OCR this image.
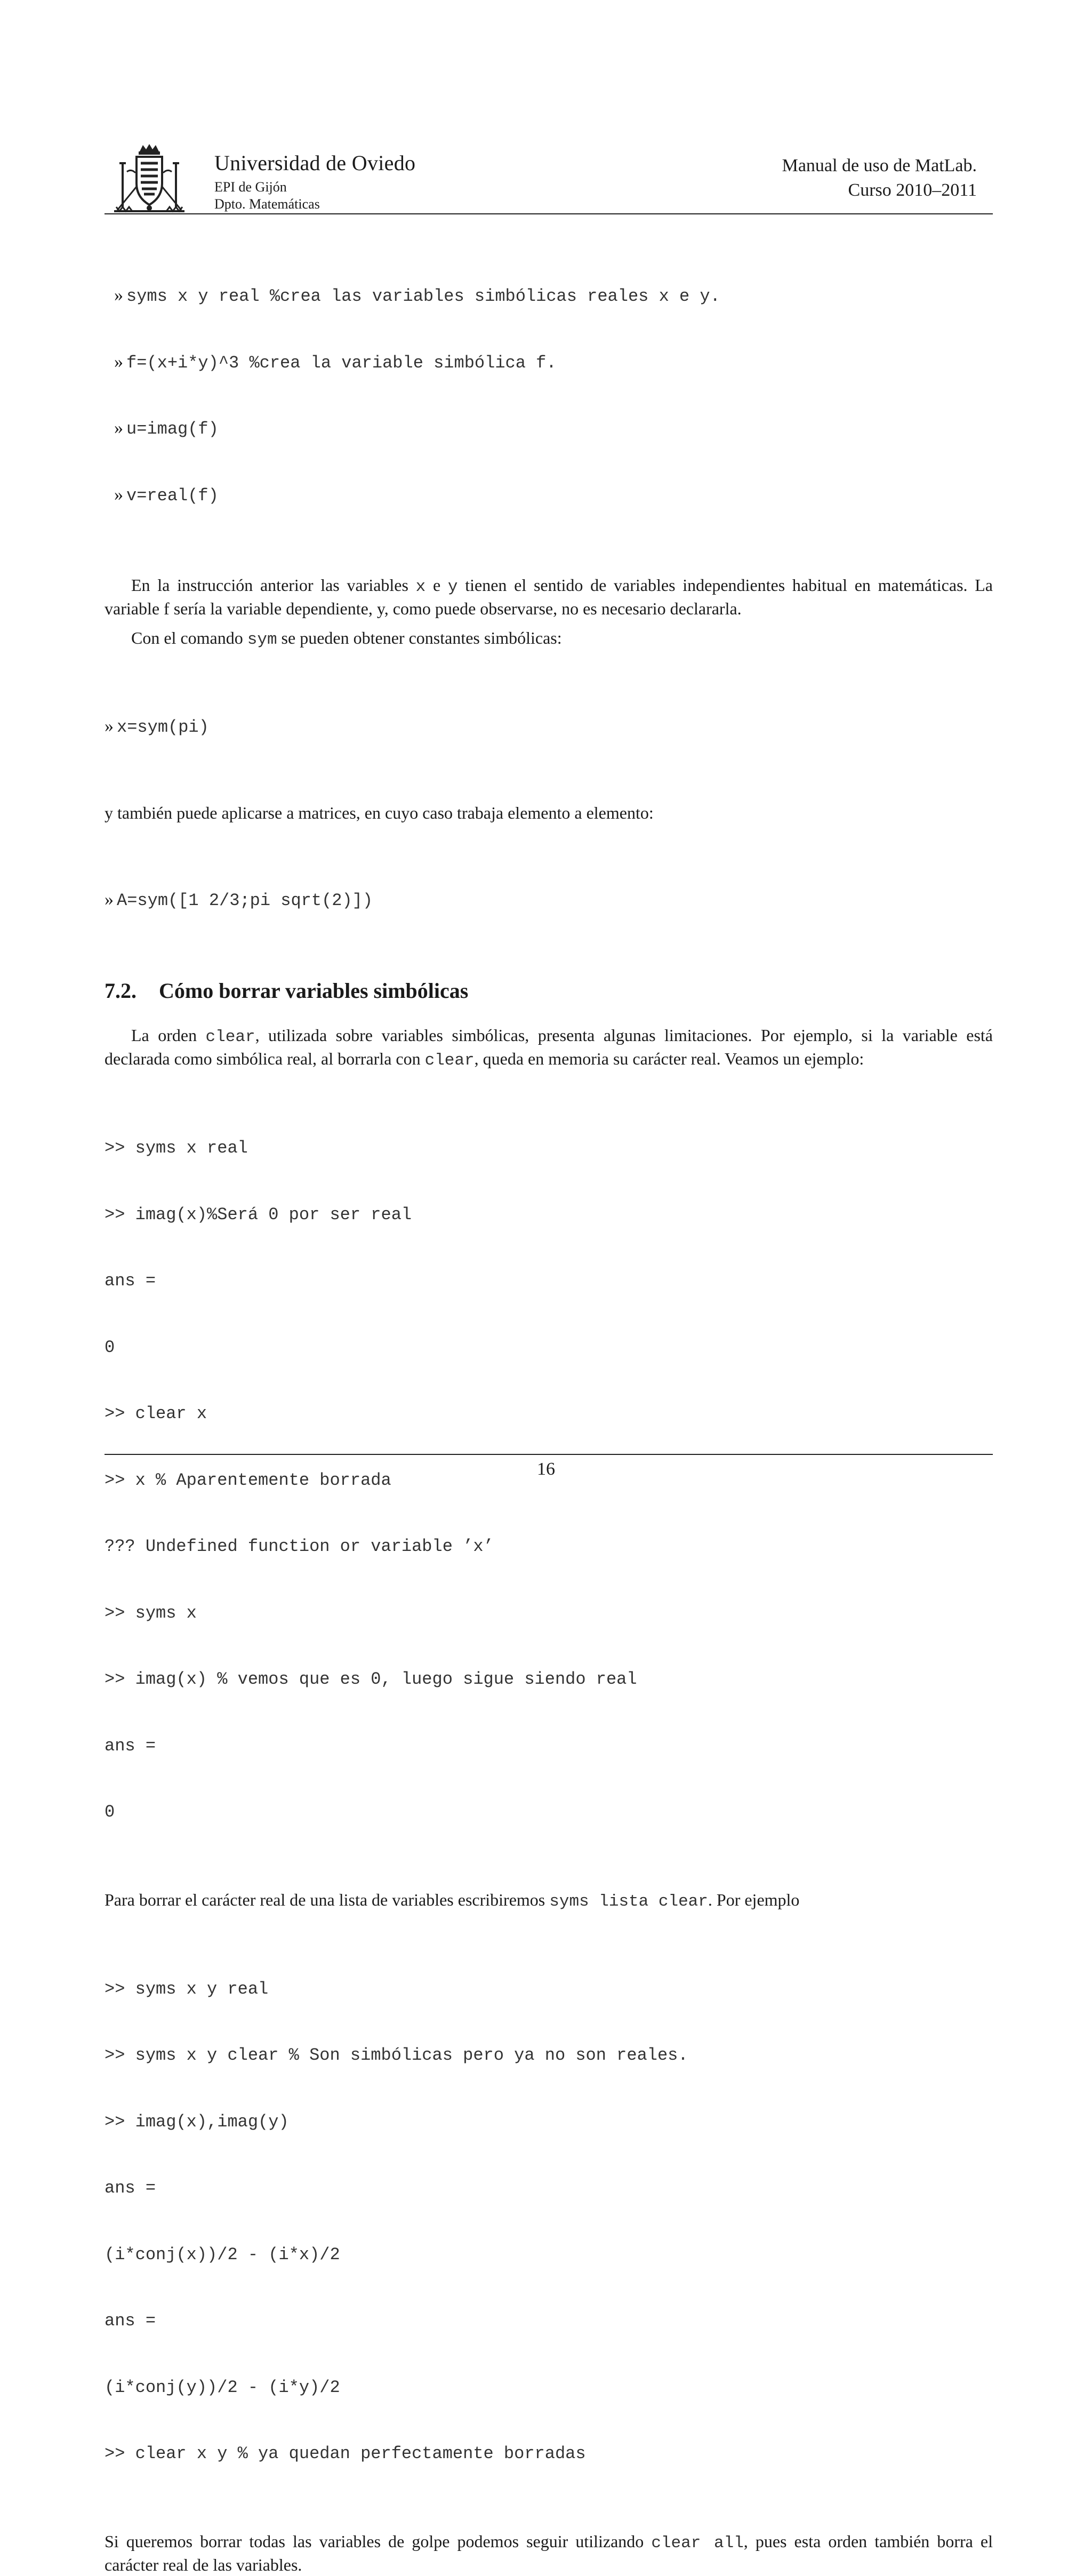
Universidad de Oviedo
EPI de Gijón
Dpto. Matemáticas
Manual de uso de MatLab.
Curso 2010–2011

» syms x y real %crea las variables simbólicas reales x e y.

» f=(x+i*y)^3 %crea la variable simbólica f.

» u=imag(f)

» v=real(f)

En la instrucción anterior las variables x e y tienen el sentido de variables independientes habitual en matemáticas. La variable f sería la variable dependiente, y, como puede observarse, no es necesario declararla.

Con el comando sym se pueden obtener constantes simbólicas:

» x=sym(pi)

y también puede aplicarse a matrices, en cuyo caso trabaja elemento a elemento:

» A=sym([1 2/3;pi sqrt(2)])

7.2. Cómo borrar variables simbólicas

La orden clear, utilizada sobre variables simbólicas, presenta algunas limitaciones. Por ejemplo, si la variable está declarada como simbólica real, al borrarla con clear, queda en memoria su carácter real. Veamos un ejemplo:

>> syms x real

>> imag(x)%Será 0 por ser real

ans =

0

>> clear x

>> x % Aparentemente borrada

??? Undefined function or variable ’x’

>> syms x

>> imag(x) % vemos que es 0, luego sigue siendo real

ans =

0

Para borrar el carácter real de una lista de variables escribiremos syms lista clear. Por ejemplo

>> syms x y real

>> syms x y clear % Son simbólicas pero ya no son reales.

>> imag(x),imag(y)

ans =

(i*conj(x))/2 - (i*x)/2

ans =

(i*conj(y))/2 - (i*y)/2

>> clear x y % ya quedan perfectamente borradas

Si queremos borrar todas las variables de golpe podemos seguir utilizando clear all, pues esta orden también borra el carácter real de las variables.

16
